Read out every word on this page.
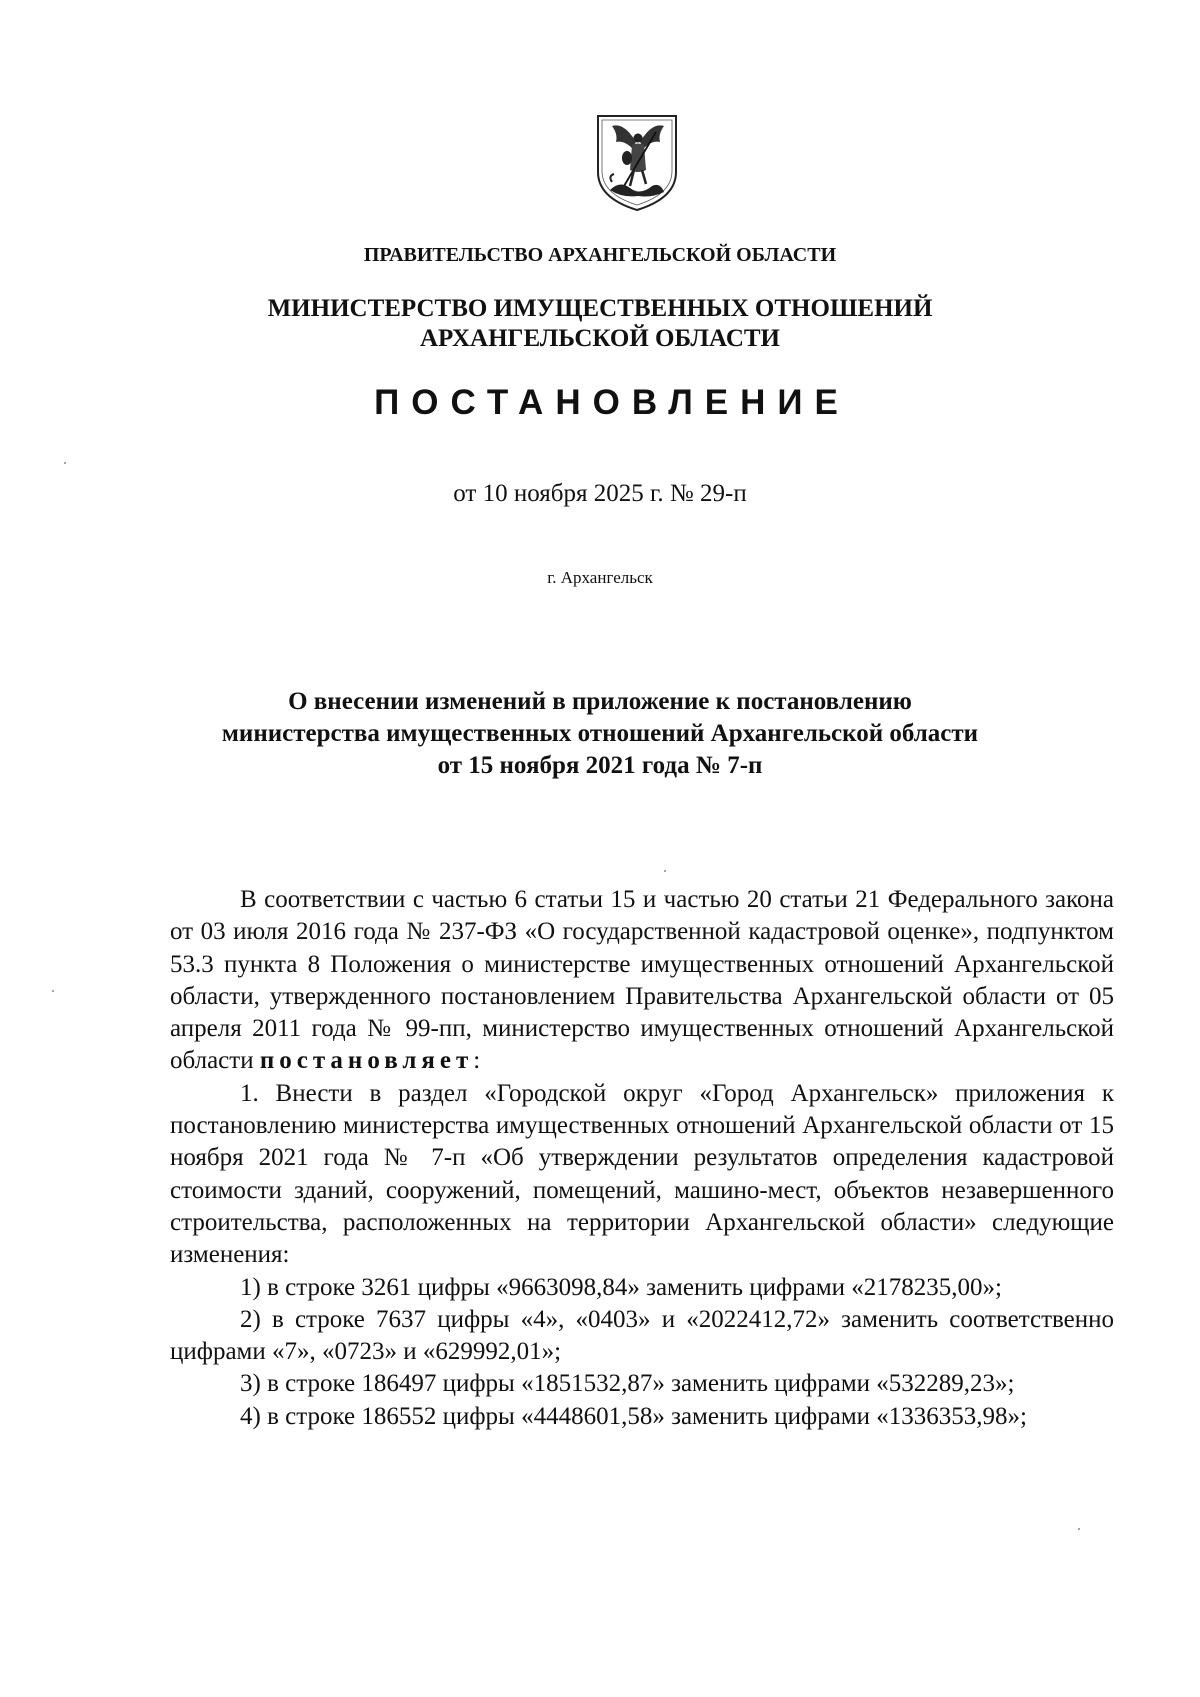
ПРАВИТЕЛЬСТВО АРХАНГЕЛЬСКОЙ ОБЛАСТИ
МИНИСТЕРСТВО ИМУЩЕСТВЕННЫХ ОТНОШЕНИЙ
АРХАНГЕЛЬСКОЙ ОБЛАСТИ
ПОСТАНОВЛЕНИЕ
от 10 ноября 2025 г. № 29-п
г. Архангельск
О внесении изменений в приложение к постановлению
министерства имущественных отношений Архангельской области
от 15 ноября 2021 года № 7-п

В соответствии с частью 6 статьи 15 и частью 20 статьи 21 Федерального закона от 03 июля 2016 года № 237-ФЗ «О государственной кадастровой оценке», подпунктом 53.3 пункта 8 Положения о министерстве имущественных отношений Архангельской области, утвержденного постановлением Правительства Архангельской области от 05 апреля 2011 года № 99-пп, министерство имущественных отношений Архангельской области постановляет:

1. Внести в раздел «Городской округ «Город Архангельск» приложения к постановлению министерства имущественных отношений Архангельской области от 15 ноября 2021 года № 7-п «Об утверждении результатов определения кадастровой стоимости зданий, сооружений, помещений, машино-мест, объектов незавершенного строительства, расположенных на территории Архангельской области» следующие изменения:

1) в строке 3261 цифры «9663098,84» заменить цифрами «2178235,00»;

2) в строке 7637 цифры «4», «0403» и «2022412,72» заменить соответственно цифрами «7», «0723» и «629992,01»;

3) в строке 186497 цифры «1851532,87» заменить цифрами «532289,23»;

4) в строке 186552 цифры «4448601,58» заменить цифрами «1336353,98»;
